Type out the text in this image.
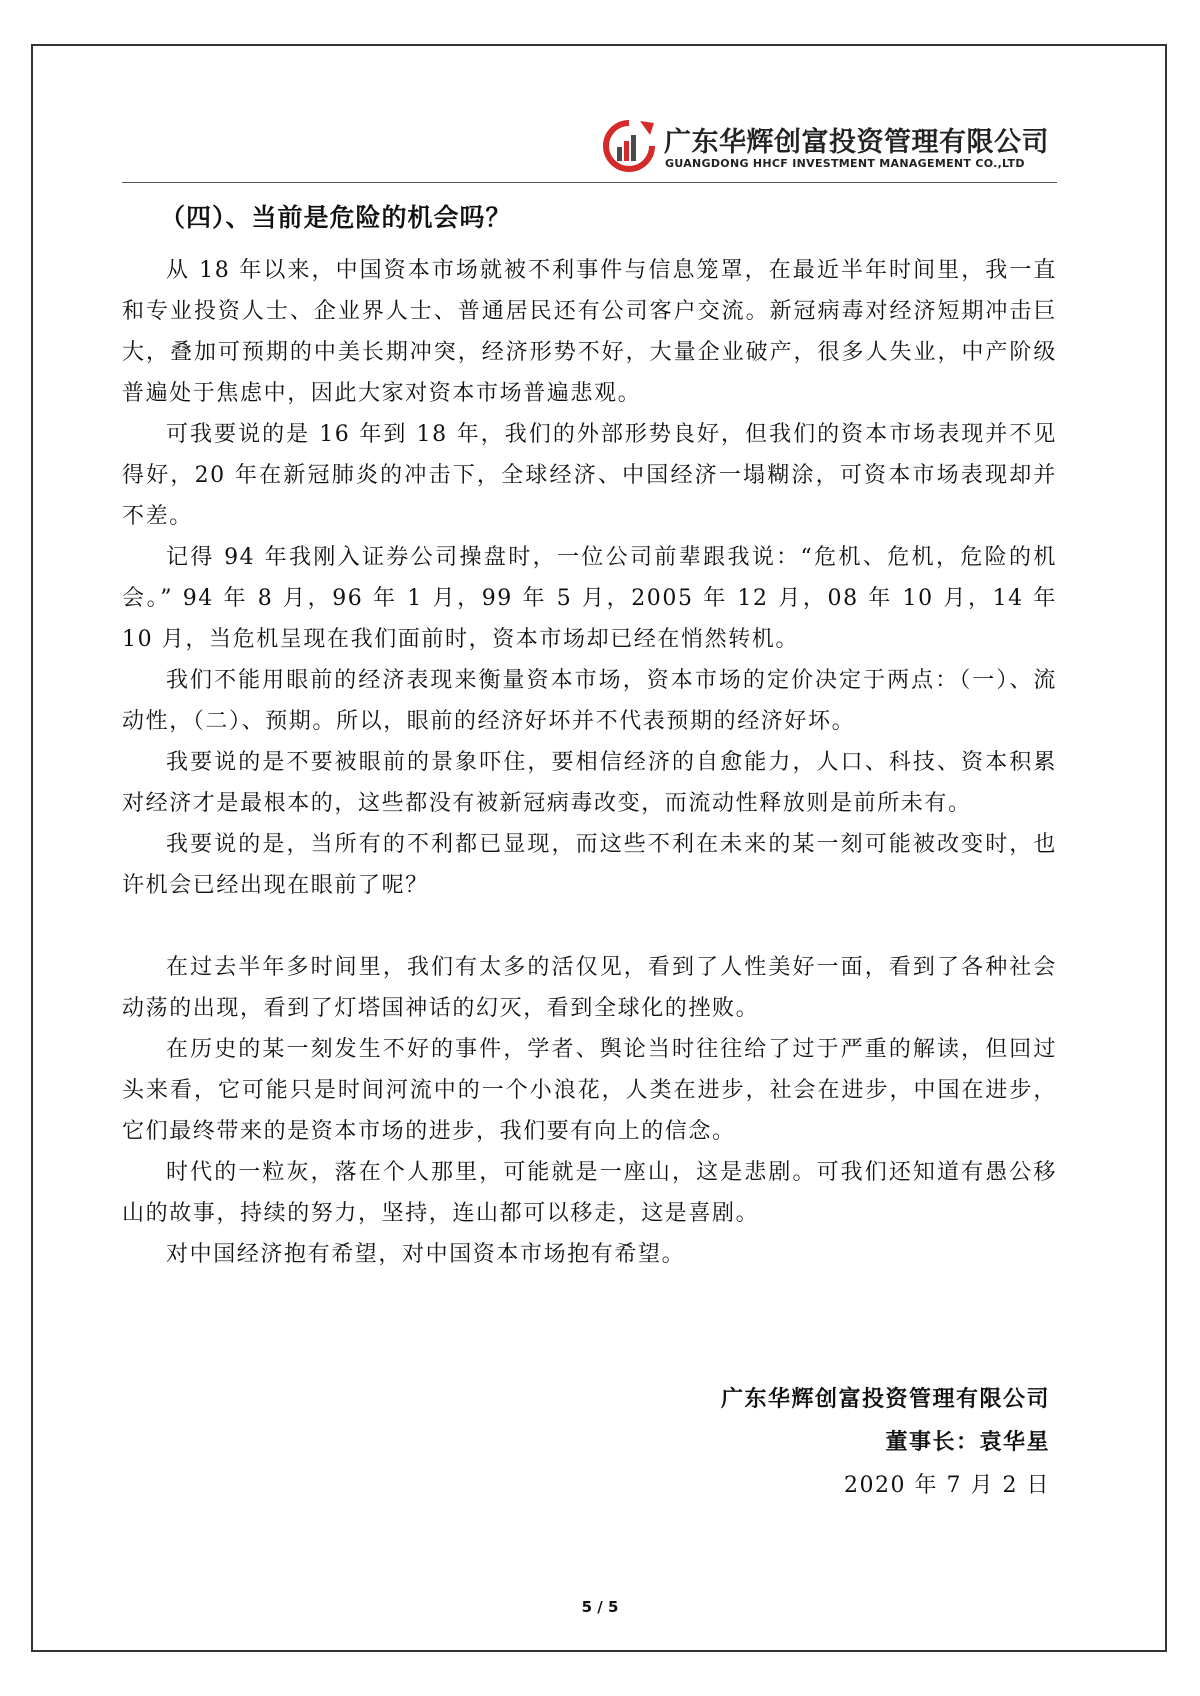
广东华辉创富投资管理有限公司
GUANGDONG HHCF INVESTMENT MANAGEMENT CO.,LTD
（四）、当前是危险的机会吗？

从 18 年以来，中国资本市场就被不利事件与信息笼罩，在最近半年时间里，我一直和专业投资人士、企业界人士、普通居民还有公司客户交流。新冠病毒对经济短期冲击巨大，叠加可预期的中美长期冲突，经济形势不好，大量企业破产，很多人失业，中产阶级普遍处于焦虑中，因此大家对资本市场普遍悲观。

可我要说的是 16 年到 18 年，我们的外部形势良好，但我们的资本市场表现并不见得好，20 年在新冠肺炎的冲击下，全球经济、中国经济一塌糊涂，可资本市场表现却并不差。

记得 94 年我刚入证券公司操盘时，一位公司前辈跟我说：“危机、危机，危险的机会。” 94 年 8 月，96 年 1 月，99 年 5 月，2005 年 12 月，08 年 10 月，14 年 10 月，当危机呈现在我们面前时，资本市场却已经在悄然转机。

我们不能用眼前的经济表现来衡量资本市场，资本市场的定价决定于两点：（一）、流动性，（二）、预期。所以，眼前的经济好坏并不代表预期的经济好坏。

我要说的是不要被眼前的景象吓住，要相信经济的自愈能力，人口、科技、资本积累对经济才是最根本的，这些都没有被新冠病毒改变，而流动性释放则是前所未有。

我要说的是，当所有的不利都已显现，而这些不利在未来的某一刻可能被改变时，也许机会已经出现在眼前了呢？

在过去半年多时间里，我们有太多的活仅见，看到了人性美好一面，看到了各种社会动荡的出现，看到了灯塔国神话的幻灭，看到全球化的挫败。

在历史的某一刻发生不好的事件，学者、舆论当时往往给了过于严重的解读，但回过头来看，它可能只是时间河流中的一个小浪花，人类在进步，社会在进步，中国在进步，它们最终带来的是资本市场的进步，我们要有向上的信念。

时代的一粒灰，落在个人那里，可能就是一座山，这是悲剧。可我们还知道有愚公移山的故事，持续的努力，坚持，连山都可以移走，这是喜剧。

对中国经济抱有希望，对中国资本市场抱有希望。

广东华辉创富投资管理有限公司
董事长：袁华星
2020 年 7 月 2 日
5 / 5
